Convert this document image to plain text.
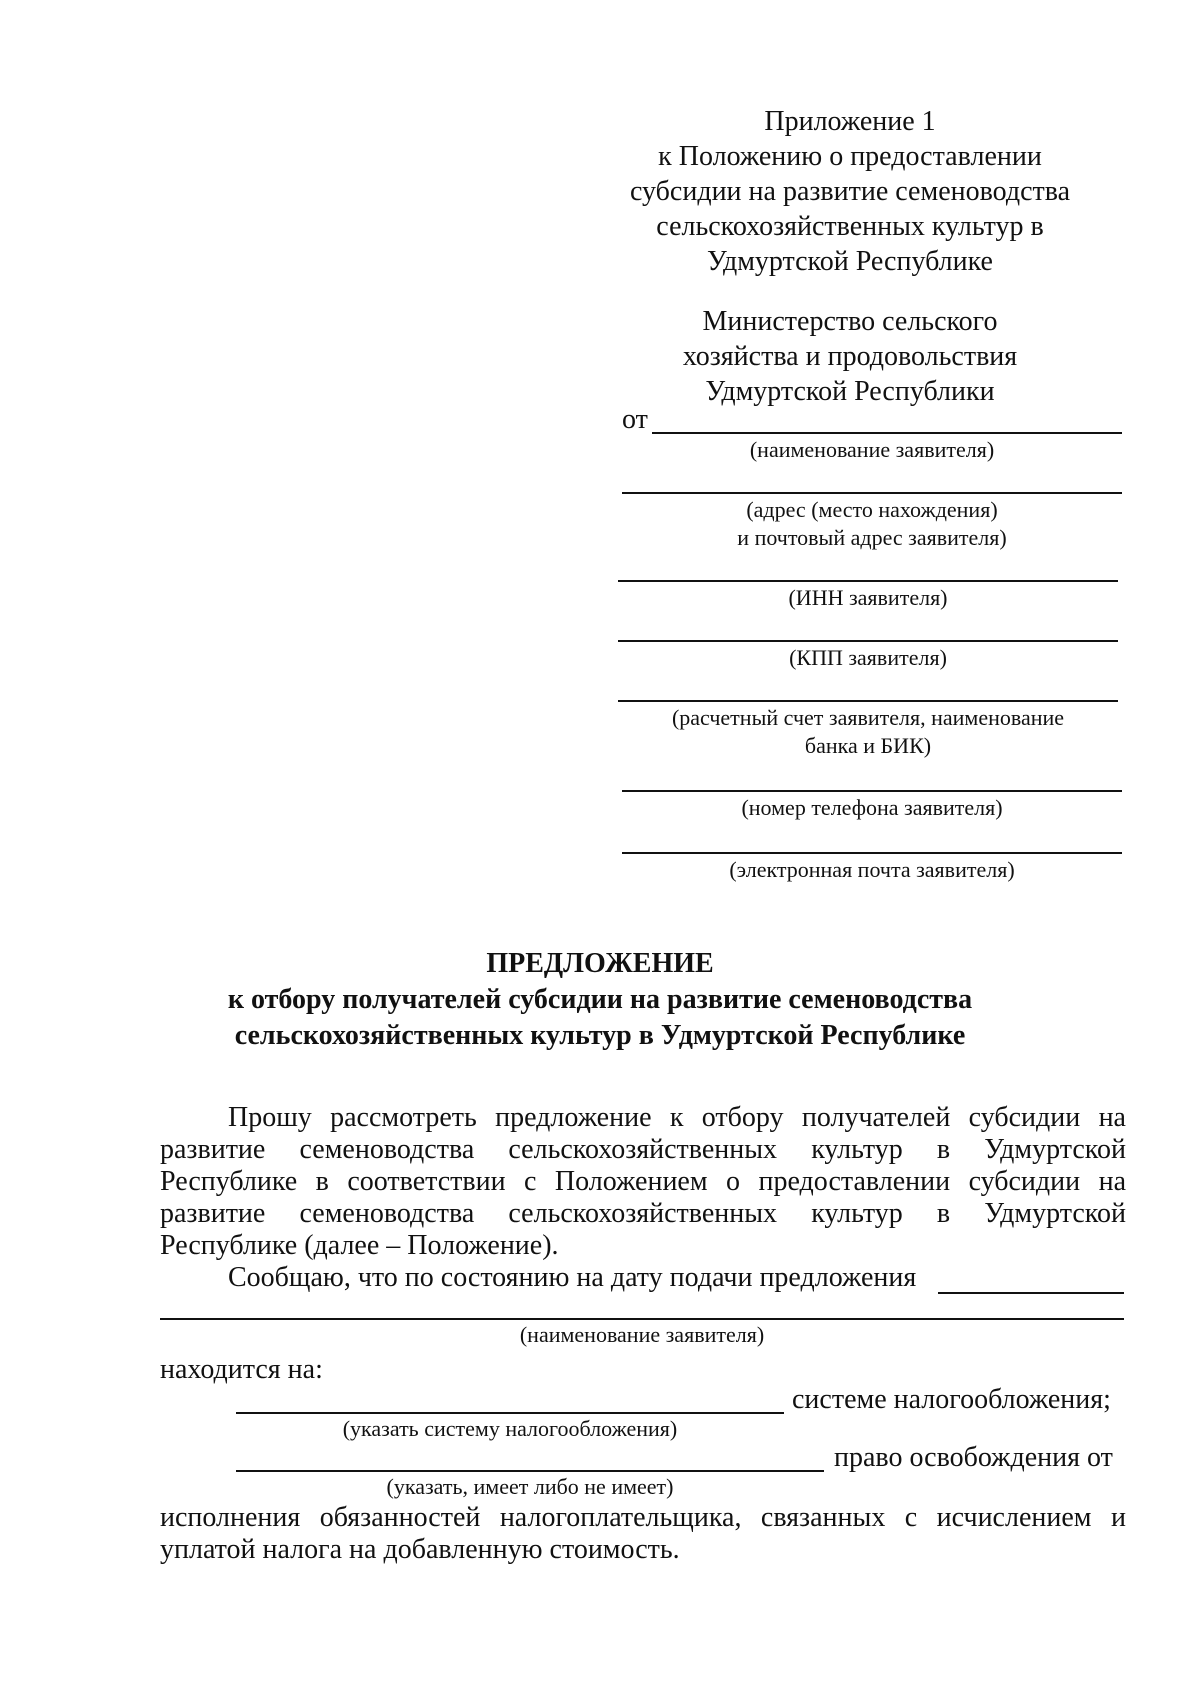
Приложение 1
к Положению о предоставлении
субсидии на развитие семеноводства
сельскохозяйственных культур в
Удмуртской Республике
Министерство сельского
хозяйства и продовольствия
Удмуртской Республики
от
(наименование заявителя)
(адрес (место нахождения)
и почтовый адрес заявителя)
(ИНН заявителя)
(КПП заявителя)
(расчетный счет заявителя, наименование
банка и БИК)
(номер телефона заявителя)
(электронная почта заявителя)
ПРЕДЛОЖЕНИЕ
к отбору получателей субсидии на развитие семеноводства
сельскохозяйственных культур в Удмуртской Республике
Прошу рассмотреть предложение к отбору получателей субсидии на
развитие семеноводства сельскохозяйственных культур в Удмуртской
Республике в соответствии с Положением о предоставлении субсидии на
развитие семеноводства сельскохозяйственных культур в Удмуртской
Республике (далее – Положение).
Сообщаю, что по состоянию на дату подачи предложения
(наименование заявителя)
находится на:
системе налогообложения;
(указать систему налогообложения)
право освобождения от
(указать, имеет либо не имеет)
исполнения обязанностей налогоплательщика, связанных с исчислением и
уплатой налога на добавленную стоимость.
